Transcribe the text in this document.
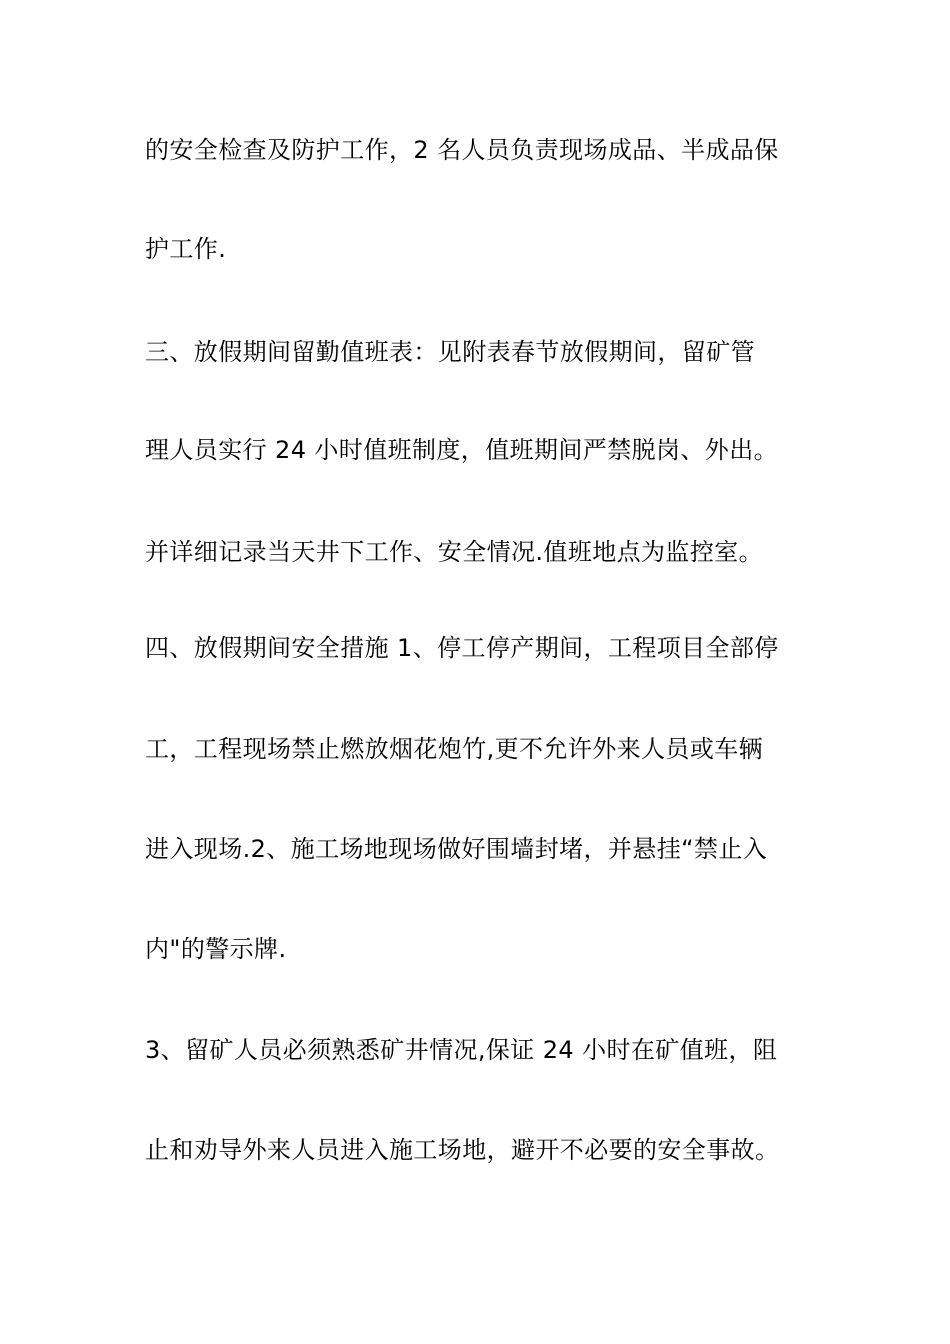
的安全检查及防护工作，2 名人员负责现场成品、半成品保
护工作.
三、放假期间留勤值班表：见附表春节放假期间，留矿管
理人员实行 24 小时值班制度，值班期间严禁脱岗、外出。
并详细记录当天井下工作、安全情况.值班地点为监控室。
四、放假期间安全措施 1、停工停产期间，工程项目全部停
工，工程现场禁止燃放烟花炮竹,更不允许外来人员或车辆
进入现场.2、施工场地现场做好围墙封堵，并悬挂“禁止入
内"的警示牌.
3、留矿人员必须熟悉矿井情况,保证 24 小时在矿值班，阻
止和劝导外来人员进入施工场地，避开不必要的安全事故。
